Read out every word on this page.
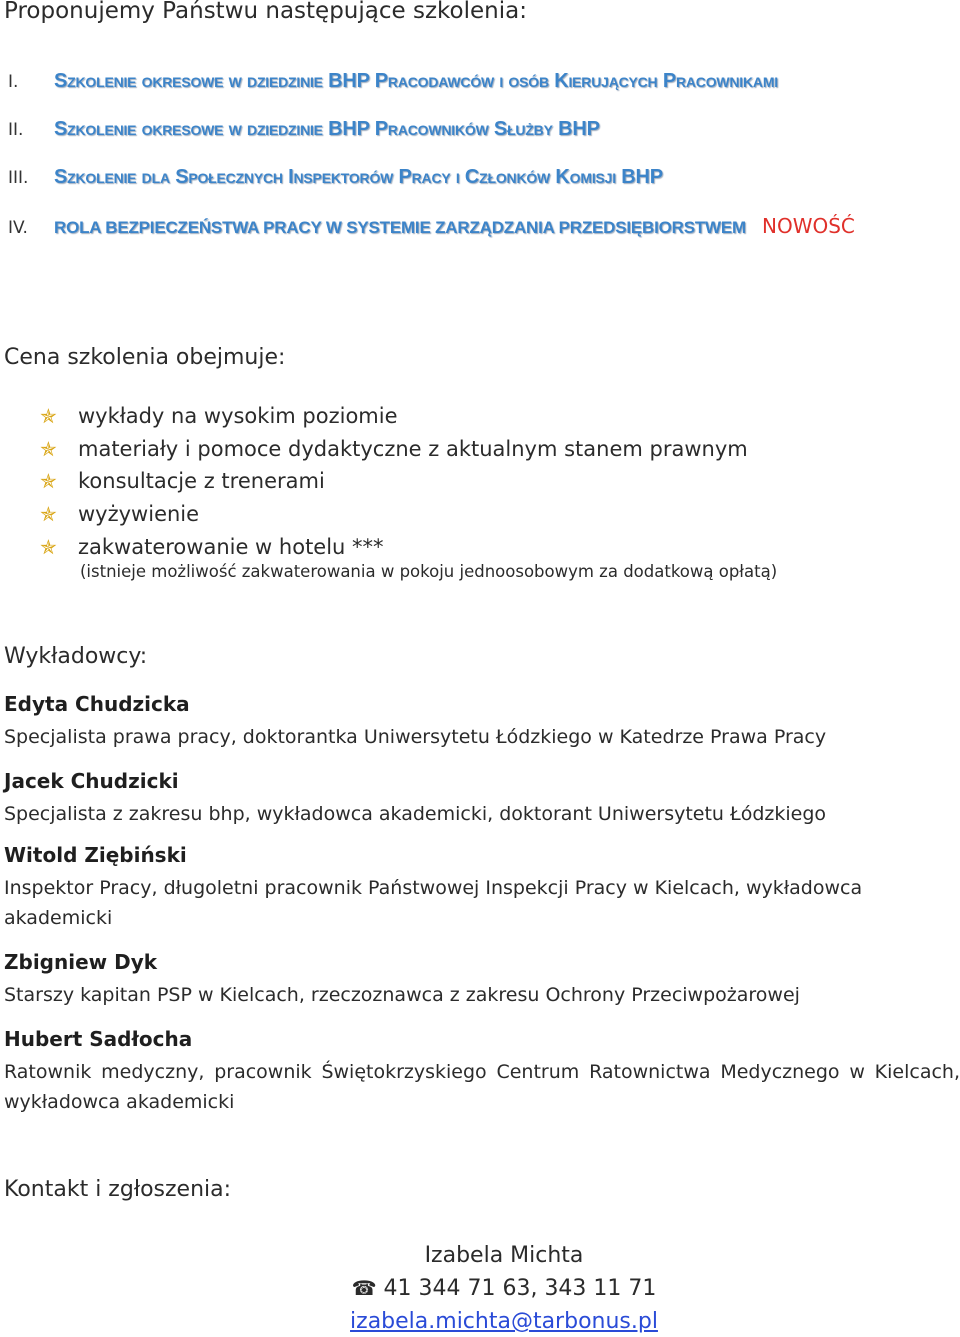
Proponujemy Państwu następujące szkolenia:
I.	Szkolenie okresowe w dziedzinie BHP Pracodawców i osób Kierujących Pracownikami
II.	Szkolenie okresowe w dziedzinie BHP Pracowników Służby BHP
III.	Szkolenie dla Społecznych Inspektorów Pracy i Członków Komisji BHP
IV.	ROLA BEZPIECZEŃSTWA PRACY W SYSTEMIE ZARZĄDZANIA PRZEDSIĘBIORSTWEM NOWOŚĆ
Cena szkolenia obejmuje:
✯	wykłady na wysokim poziomie
✯	materiały i pomoce dydaktyczne z aktualnym stanem prawnym
✯	konsultacje z trenerami
✯	wyżywienie
✯	zakwaterowanie w hotelu ***
(istnieje możliwość zakwaterowania w pokoju jednoosobowym za dodatkową opłatą)
Wykładowcy:
Edyta Chudzicka
Specjalista prawa pracy, doktorantka Uniwersytetu Łódzkiego w Katedrze Prawa Pracy
Jacek Chudzicki
Specjalista z zakresu bhp, wykładowca akademicki, doktorant Uniwersytetu Łódzkiego
Witold Ziębiński
Inspektor Pracy, długoletni pracownik Państwowej Inspekcji Pracy w Kielcach, wykładowca akademicki
Zbigniew Dyk
Starszy kapitan PSP w Kielcach, rzeczoznawca z zakresu Ochrony Przeciwpożarowej
Hubert Sadłocha
Ratownik medyczny, pracownik Świętokrzyskiego Centrum Ratownictwa Medycznego w Kielcach, wykładowca akademicki
Kontakt i zgłoszenia:
Izabela Michta
☎ 41 344 71 63, 343 11 71
izabela.michta@tarbonus.pl
